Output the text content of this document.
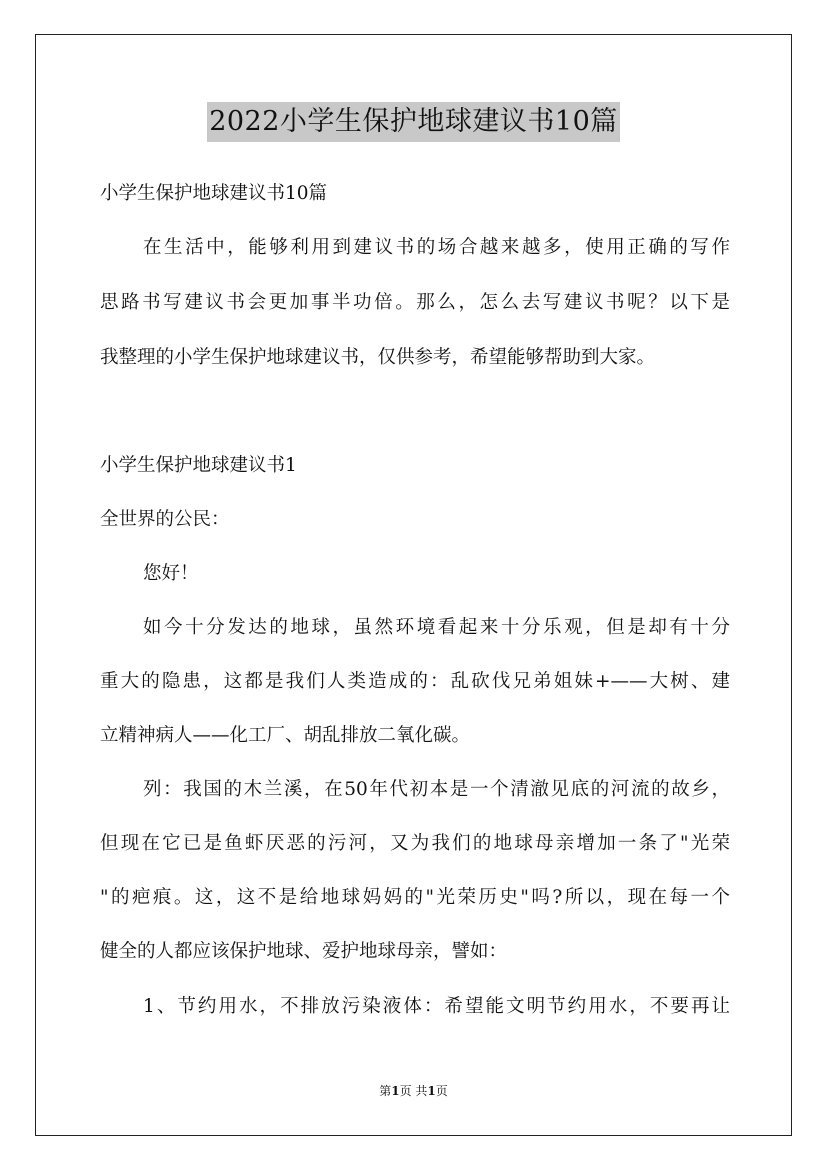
2022小学生保护地球建议书10篇
小学生保护地球建议书10篇
在生活中，能够利用到建议书的场合越来越多，使用正确的写作
思路书写建议书会更加事半功倍。那么，怎么去写建议书呢？以下是
我整理的小学生保护地球建议书，仅供参考，希望能够帮助到大家。
小学生保护地球建议书1
全世界的公民：
您好！
如今十分发达的地球，虽然环境看起来十分乐观，但是却有十分
重大的隐患，这都是我们人类造成的：乱砍伐兄弟姐妹+——大树、建
立精神病人——化工厂、胡乱排放二氧化碳。
列：我国的木兰溪，在50年代初本是一个清澈见底的河流的故乡，
但现在它已是鱼虾厌恶的污河，又为我们的地球母亲增加一条了"光荣
"的疤痕。这，这不是给地球妈妈的"光荣历史"吗?所以，现在每一个
健全的人都应该保护地球、爱护地球母亲，譬如：
1、节约用水，不排放污染液体：希望能文明节约用水，不要再让
第1页 共1页
